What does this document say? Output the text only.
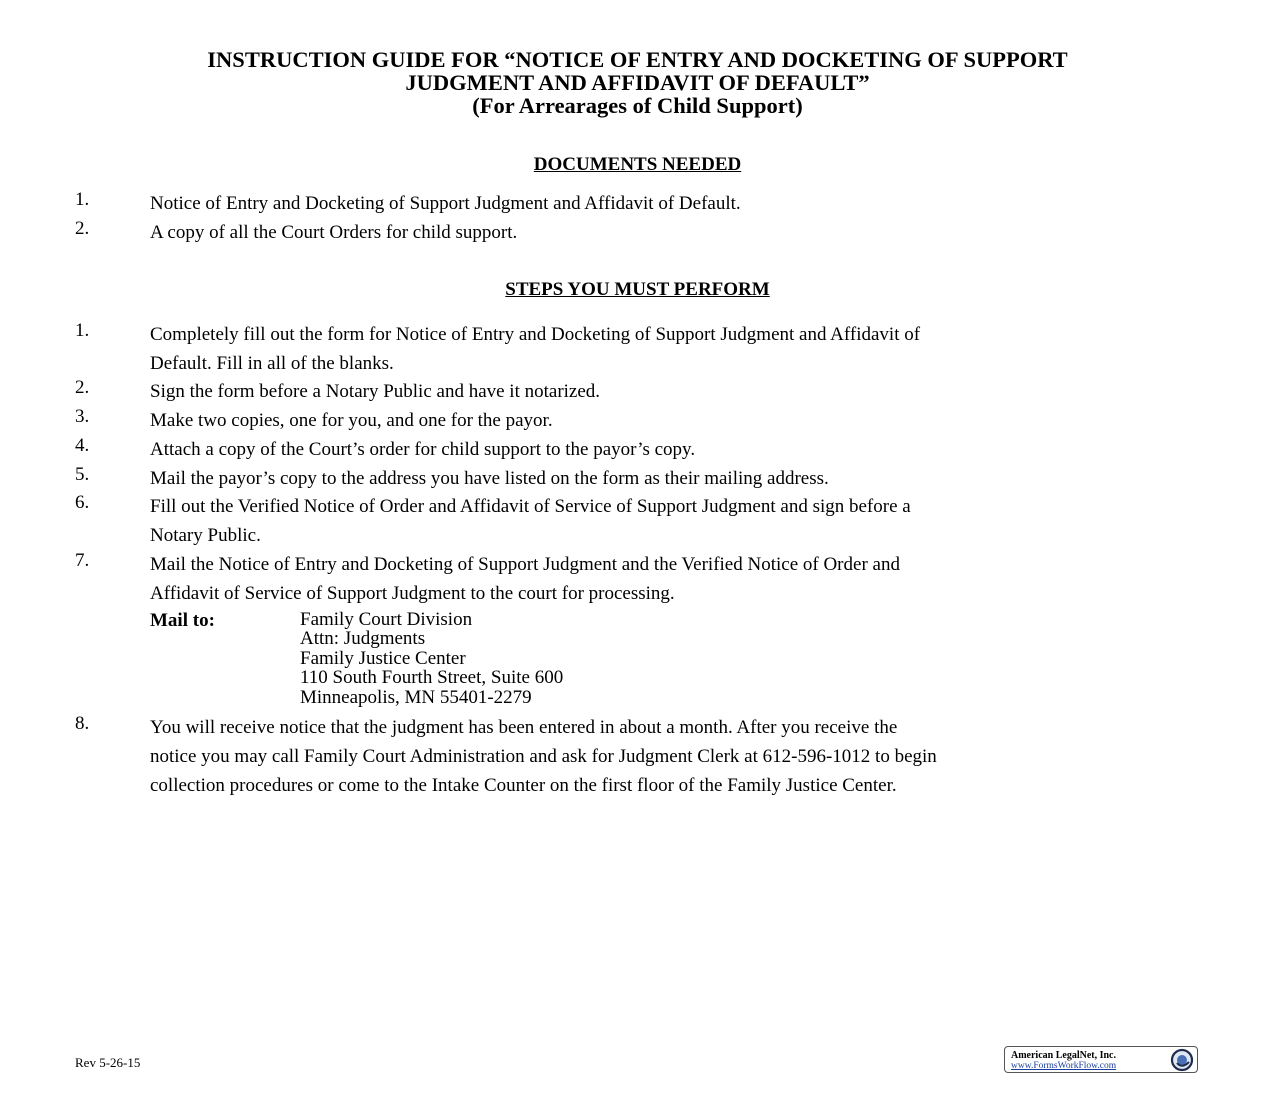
INSTRUCTION GUIDE FOR “NOTICE OF ENTRY AND DOCKETING OF SUPPORT
JUDGMENT AND AFFIDAVIT OF DEFAULT”
(For Arrearages of Child Support)
DOCUMENTS NEEDED
1.	Notice of Entry and Docketing of Support Judgment and Affidavit of Default.
2.	A copy of all the Court Orders for child support.
STEPS YOU MUST PERFORM
1.	Completely fill out the form for Notice of Entry and Docketing of Support Judgment and Affidavit of
Default. Fill in all of the blanks.
2.	Sign the form before a Notary Public and have it notarized.
3.	Make two copies, one for you, and one for the payor.
4.	Attach a copy of the Court’s order for child support to the payor’s copy.
5.	Mail the payor’s copy to the address you have listed on the form as their mailing address.
6.	Fill out the Verified Notice of Order and Affidavit of Service of Support Judgment and sign before a
Notary Public.
7.	Mail the Notice of Entry and Docketing of Support Judgment and the Verified Notice of Order and
Affidavit of Service of Support Judgment to the court for processing.
Mail to:	Family Court Division
Attn: Judgments
Family Justice Center
110 South Fourth Street, Suite 600
Minneapolis, MN 55401-2279
8.	You will receive notice that the judgment has been entered in about a month. After you receive the
notice you may call Family Court Administration and ask for Judgment Clerk at 612-596-1012 to begin
collection procedures or come to the Intake Counter on the first floor of the Family Justice Center.
Rev 5-26-15	American LegalNet, Inc.
www.FormsWorkFlow.com
